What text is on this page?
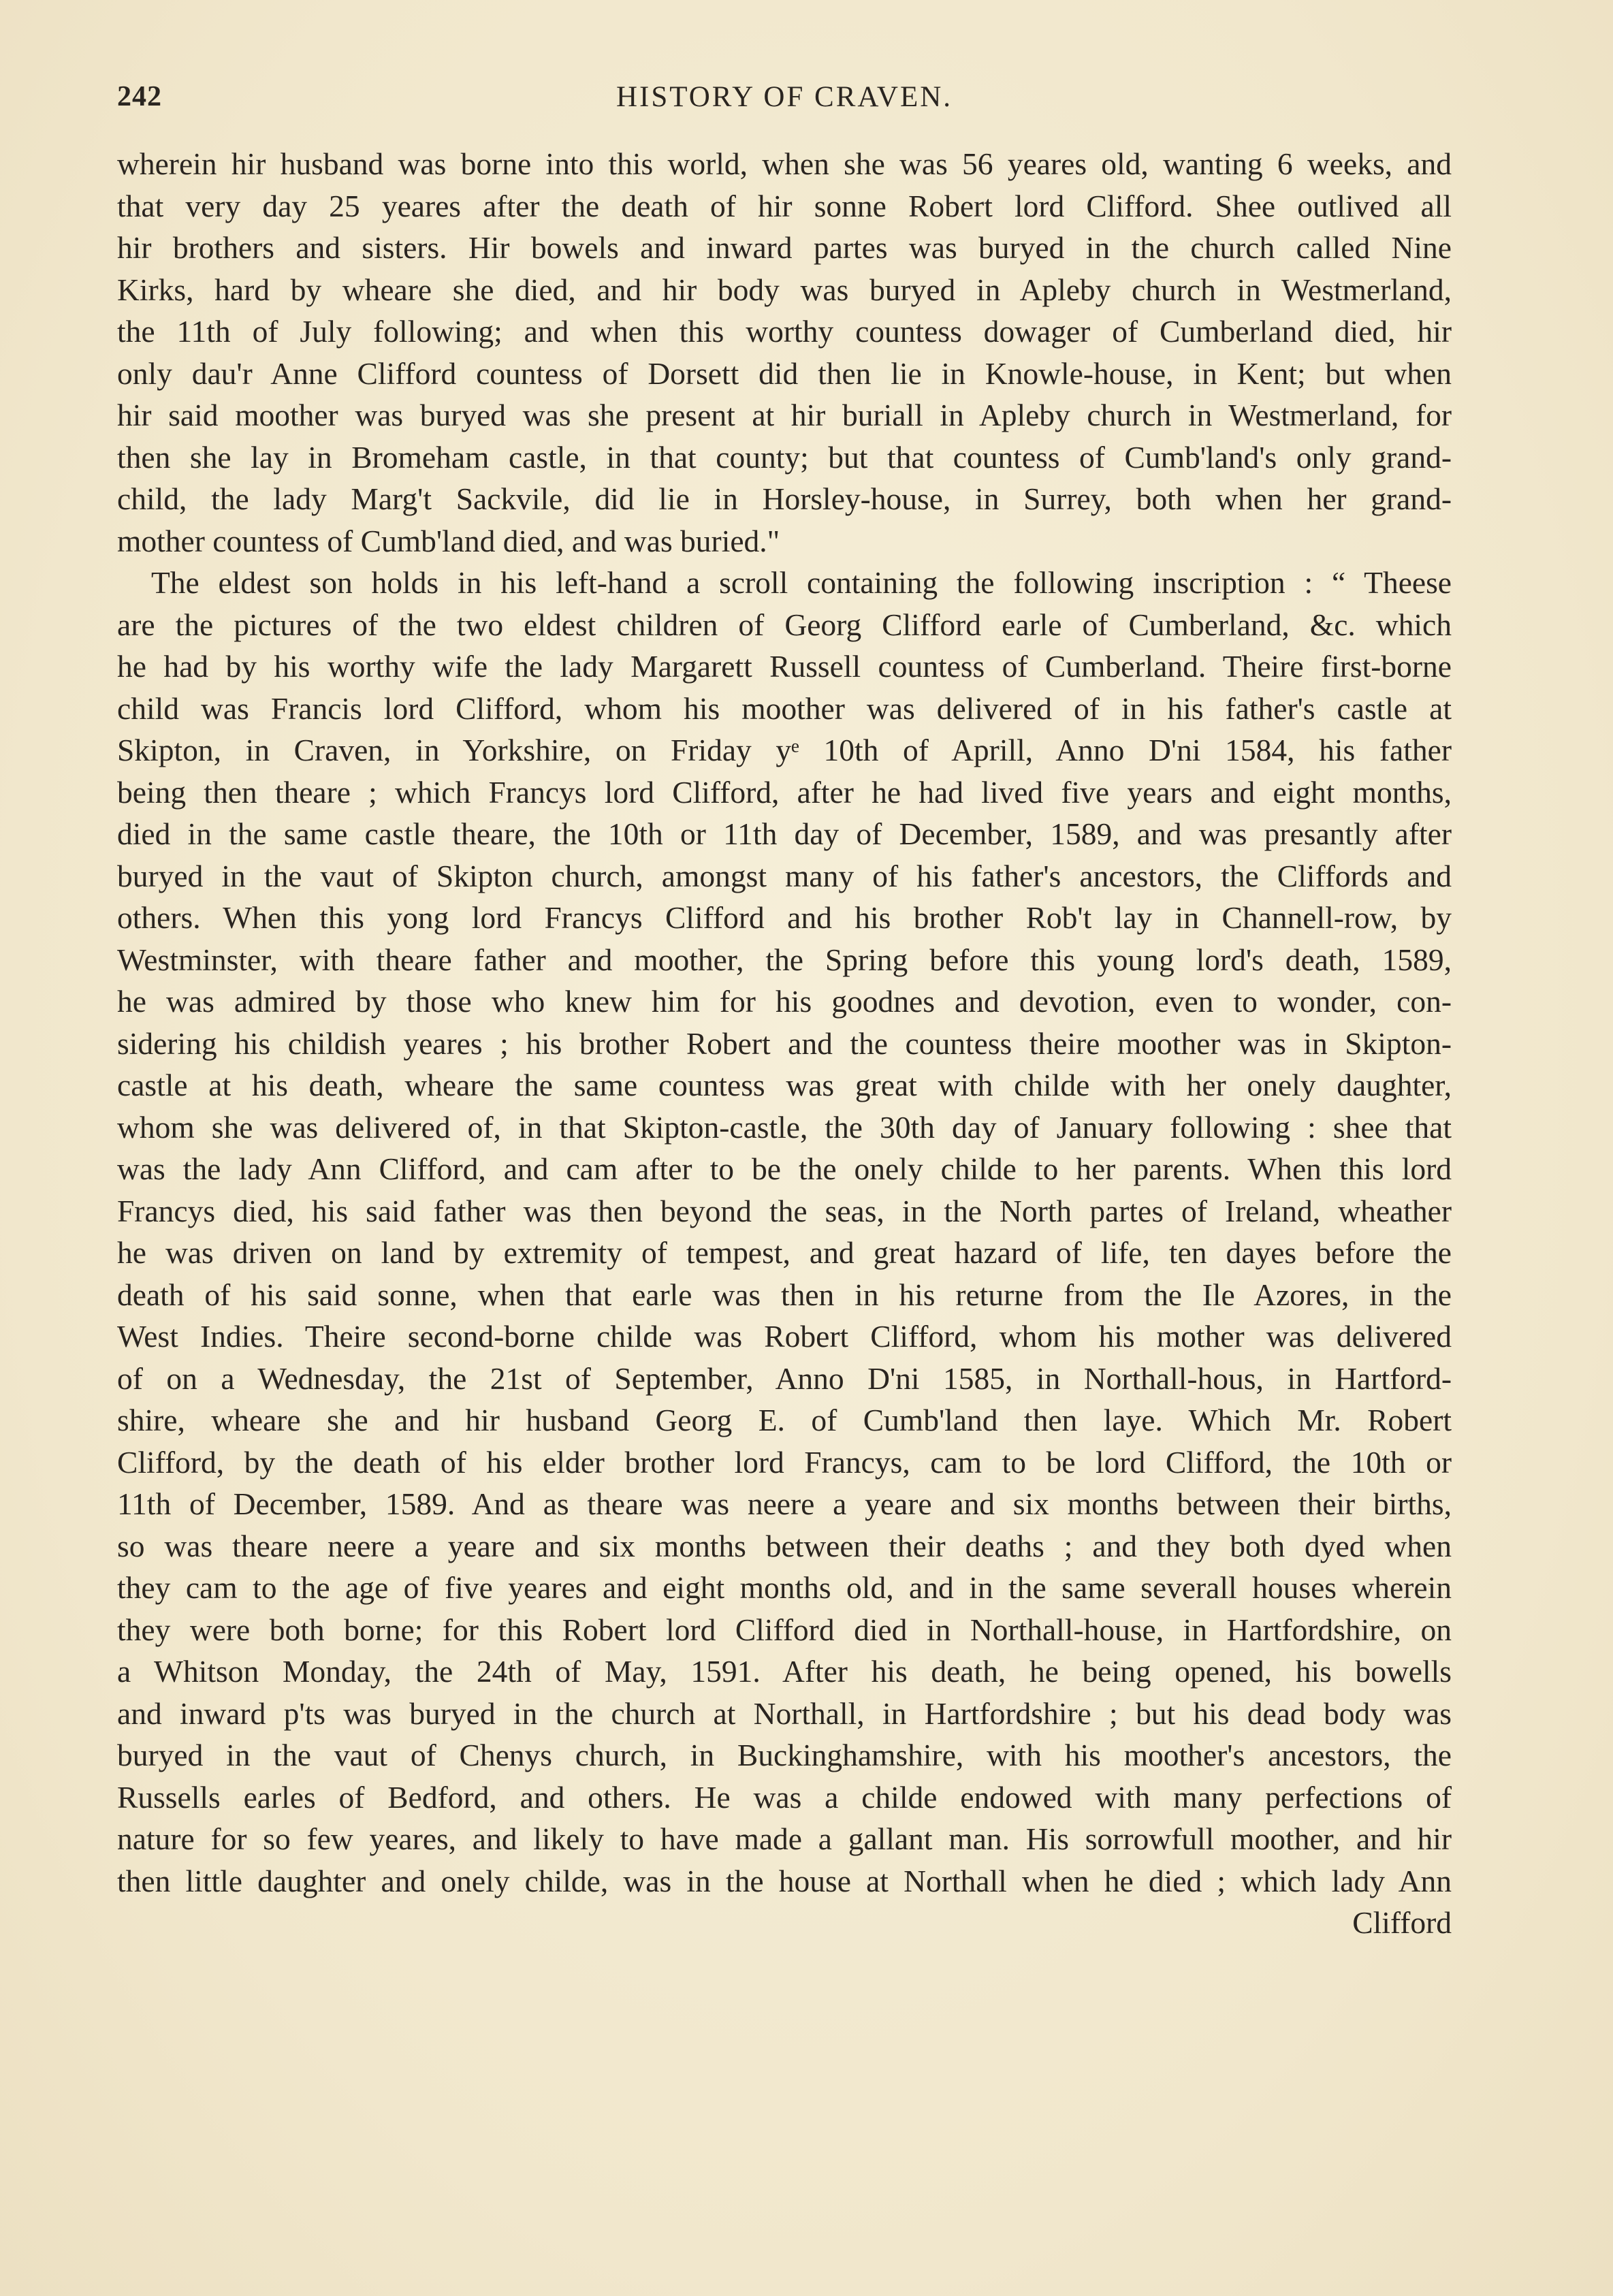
242	HISTORY OF CRAVEN.
wherein hir husband was borne into this world, when she was 56 yeares old, wanting 6 weeks, and
that very day 25 yeares after the death of hir sonne Robert lord Clifford. Shee outlived all
hir brothers and sisters. Hir bowels and inward partes was buryed in the church called Nine
Kirks, hard by wheare she died, and hir body was buryed in Apleby church in Westmerland,
the 11th of July following; and when this worthy countess dowager of Cumberland died, hir
only dau'r Anne Clifford countess of Dorsett did then lie in Knowle-house, in Kent; but when
hir said moother was buryed was she present at hir buriall in Apleby church in Westmerland, for
then she lay in Bromeham castle, in that county; but that countess of Cumb'land's only grand-
child, the lady Marg't Sackvile, did lie in Horsley-house, in Surrey, both when her grand-
mother countess of Cumb'land died, and was buried."
The eldest son holds in his left-hand a scroll containing the following inscription : “ Theese
are the pictures of the two eldest children of Georg Clifford earle of Cumberland, &c. which
he had by his worthy wife the lady Margarett Russell countess of Cumberland. Theire first-borne
child was Francis lord Clifford, whom his moother was delivered of in his father's castle at
Skipton, in Craven, in Yorkshire, on Friday yᵉ 10th of Aprill, Anno D'ni 1584, his father
being then theare ; which Francys lord Clifford, after he had lived five years and eight months,
died in the same castle theare, the 10th or 11th day of December, 1589, and was presantly after
buryed in the vaut of Skipton church, amongst many of his father's ancestors, the Cliffords and
others. When this yong lord Francys Clifford and his brother Rob't lay in Channell-row, by
Westminster, with theare father and moother, the Spring before this young lord's death, 1589,
he was admired by those who knew him for his goodnes and devotion, even to wonder, con-
sidering his childish yeares ; his brother Robert and the countess theire moother was in Skipton-
castle at his death, wheare the same countess was great with childe with her onely daughter,
whom she was delivered of, in that Skipton-castle, the 30th day of January following : shee that
was the lady Ann Clifford, and cam after to be the onely childe to her parents. When this lord
Francys died, his said father was then beyond the seas, in the North partes of Ireland, wheather
he was driven on land by extremity of tempest, and great hazard of life, ten dayes before the
death of his said sonne, when that earle was then in his returne from the Ile Azores, in the
West Indies. Theire second-borne childe was Robert Clifford, whom his mother was delivered
of on a Wednesday, the 21st of September, Anno D'ni 1585, in Northall-hous, in Hartford-
shire, wheare she and hir husband Georg E. of Cumb'land then laye. Which Mr. Robert
Clifford, by the death of his elder brother lord Francys, cam to be lord Clifford, the 10th or
11th of December, 1589. And as theare was neere a yeare and six months between their births,
so was theare neere a yeare and six months between their deaths ; and they both dyed when
they cam to the age of five yeares and eight months old, and in the same severall houses wherein
they were both borne; for this Robert lord Clifford died in Northall-house, in Hartfordshire, on
a Whitson Monday, the 24th of May, 1591. After his death, he being opened, his bowells
and inward p'ts was buryed in the church at Northall, in Hartfordshire ; but his dead body was
buryed in the vaut of Chenys church, in Buckinghamshire, with his moother's ancestors, the
Russells earles of Bedford, and others. He was a childe endowed with many perfections of
nature for so few yeares, and likely to have made a gallant man. His sorrowfull moother, and hir
then little daughter and onely childe, was in the house at Northall when he died ; which lady Ann
Clifford
